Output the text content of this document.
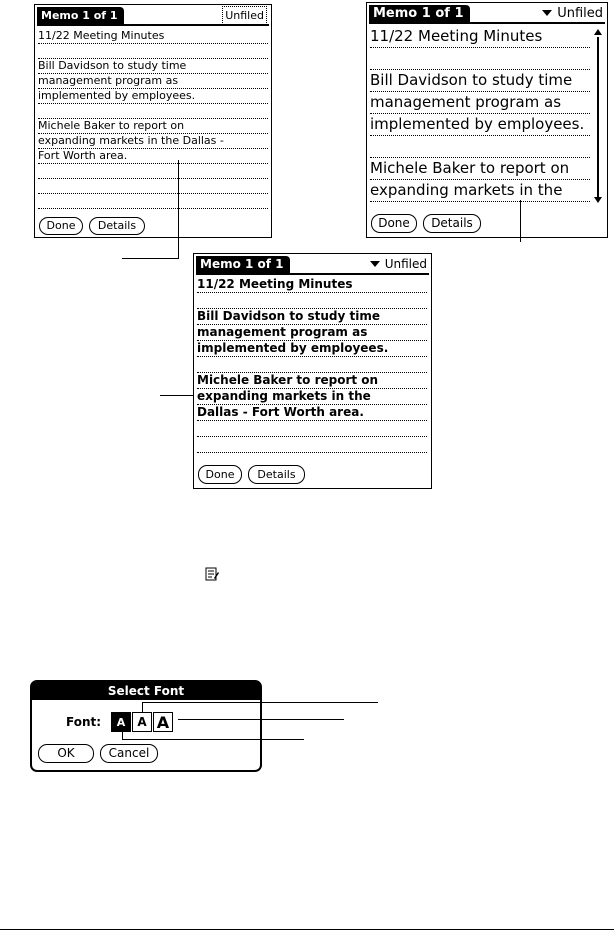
Memo 1 of 1	Unfiled
11/22 Meeting Minutes
Bill Davidson to study time
management program as
implemented by employees.
Michele Baker to report on
expanding markets in the Dallas -
Fort Worth area.
Done	Details
Memo 1 of 1	Unfiled
11/22 Meeting Minutes
Bill Davidson to study time
management program as
implemented by employees.
Michele Baker to report on
expanding markets in the
Done	Details
Memo 1 of 1	Unfiled
11/22 Meeting Minutes
Bill Davidson to study time
management program as
implemented by employees.
Michele Baker to report on
expanding markets in the
Dallas - Fort Worth area.
Done	Details
Select Font
Font:	A	A A
OK	Cancel
